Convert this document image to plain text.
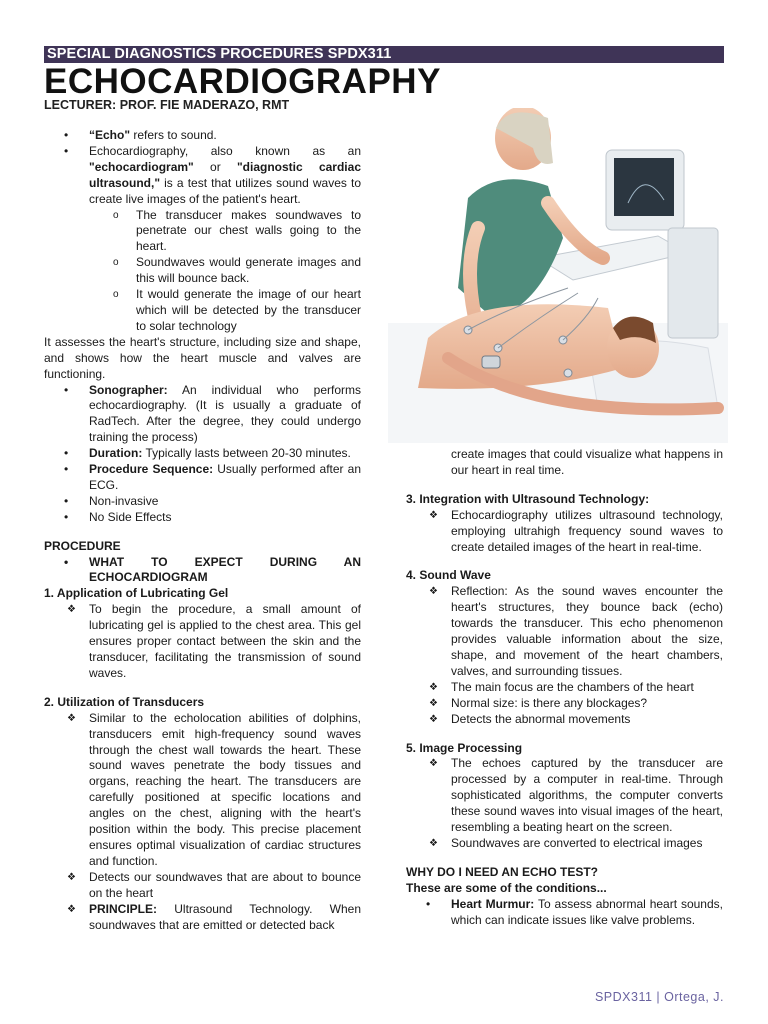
SPECIAL DIAGNOSTICS PROCEDURES SPDX311
ECHOCARDIOGRAPHY
LECTURER: PROF. FIE MADERAZO, RMT
• “Echo" refers to sound.
• Echocardiography, also known as an "echocardiogram" or "diagnostic cardiac ultrasound," is a test that utilizes sound waves to create live images of the patient's heart.
o The transducer makes soundwaves to penetrate our chest walls going to the heart.
o Soundwaves would generate images and this will bounce back.
o It would generate the image of our heart which will be detected by the transducer to solar technology

It assesses the heart's structure, including size and shape, and shows how the heart muscle and valves are functioning.

• Sonographer: An individual who performs echocardiography. (It is usually a graduate of RadTech. After the degree, they could undergo training the process)
• Duration: Typically lasts between 20-30 minutes.
• Procedure Sequence: Usually performed after an ECG.
• Non-invasive
• No Side Effects

PROCEDURE

• WHAT TO EXPECT DURING AN ECHOCARDIOGRAM

1. Application of Lubricating Gel

❖ To begin the procedure, a small amount of lubricating gel is applied to the chest area. This gel ensures proper contact between the skin and the transducer, facilitating the transmission of sound waves.

2. Utilization of Transducers

❖ Similar to the echolocation abilities of dolphins, transducers emit high-frequency sound waves through the chest wall towards the heart. These sound waves penetrate the body tissues and organs, reaching the heart. The transducers are carefully positioned at specific locations and angles on the chest, aligning with the heart's position within the body. This precise placement ensures optimal visualization of cardiac structures and function.
❖ Detects our soundwaves that are about to bounce on the heart
❖ PRINCIPLE: Ultrasound Technology. When soundwaves that are emitted or detected back

create images that could visualize what happens in our heart in real time.

3. Integration with Ultrasound Technology:

❖ Echocardiography utilizes ultrasound technology, employing ultrahigh frequency sound waves to create detailed images of the heart in real-time.

4. Sound Wave

❖ Reflection: As the sound waves encounter the heart's structures, they bounce back (echo) towards the transducer. This echo phenomenon provides valuable information about the size, shape, and movement of the heart chambers, valves, and surrounding tissues.
❖ The main focus are the chambers of the heart
❖ Normal size: is there any blockages?
❖ Detects the abnormal movements

5. Image Processing

❖ The echoes captured by the transducer are processed by a computer in real-time. Through sophisticated algorithms, the computer converts these sound waves into visual images of the heart, resembling a beating heart on the screen.
❖ Soundwaves are converted to electrical images

WHY DO I NEED AN ECHO TEST?

These are some of the conditions...

• Heart Murmur: To assess abnormal heart sounds, which can indicate issues like valve problems.
SPDX311 | Ortega, J.
